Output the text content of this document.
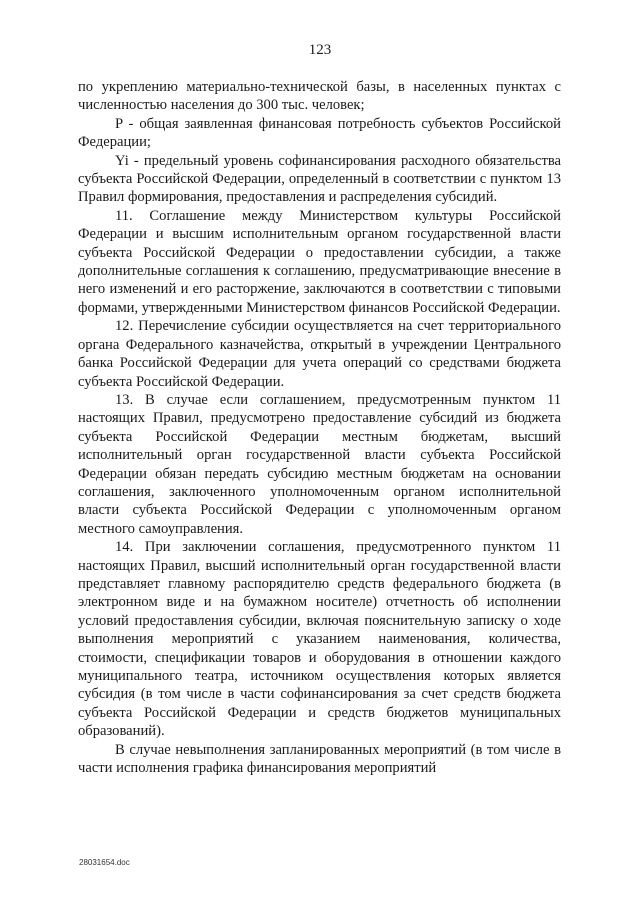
123

по укреплению материально-технической базы, в населенных пунктах с численностью населения до 300 тыс. человек;

P - общая заявленная финансовая потребность субъектов Российской Федерации;

Yi - предельный уровень софинансирования расходного обязательства субъекта Российской Федерации, определенный в соответствии с пунктом 13 Правил формирования, предоставления и распределения субсидий.

11. Соглашение между Министерством культуры Российской Федерации и высшим исполнительным органом государственной власти субъекта Российской Федерации о предоставлении субсидии, а также дополнительные соглашения к соглашению, предусматривающие внесение в него изменений и его расторжение, заключаются в соответствии с типовыми формами, утвержденными Министерством финансов Российской Федерации.

12. Перечисление субсидии осуществляется на счет территориального органа Федерального казначейства, открытый в учреждении Центрального банка Российской Федерации для учета операций со средствами бюджета субъекта Российской Федерации.

13. В случае если соглашением, предусмотренным пунктом 11 настоящих Правил, предусмотрено предоставление субсидий из бюджета субъекта Российской Федерации местным бюджетам, высший исполнительный орган государственной власти субъекта Российской Федерации обязан передать субсидию местным бюджетам на основании соглашения, заключенного уполномоченным органом исполнительной власти субъекта Российской Федерации с уполномоченным органом местного самоуправления.

14. При заключении соглашения, предусмотренного пунктом 11 настоящих Правил, высший исполнительный орган государственной власти представляет главному распорядителю средств федерального бюджета (в электронном виде и на бумажном носителе) отчетность об исполнении условий предоставления субсидии, включая пояснительную записку о ходе выполнения мероприятий с указанием наименования, количества, стоимости, спецификации товаров и оборудования в отношении каждого муниципального театра, источником осуществления которых является субсидия (в том числе в части софинансирования за счет средств бюджета субъекта Российской Федерации и средств бюджетов муниципальных образований).

В случае невыполнения запланированных мероприятий (в том числе в части исполнения графика финансирования мероприятий

28031654.doc
